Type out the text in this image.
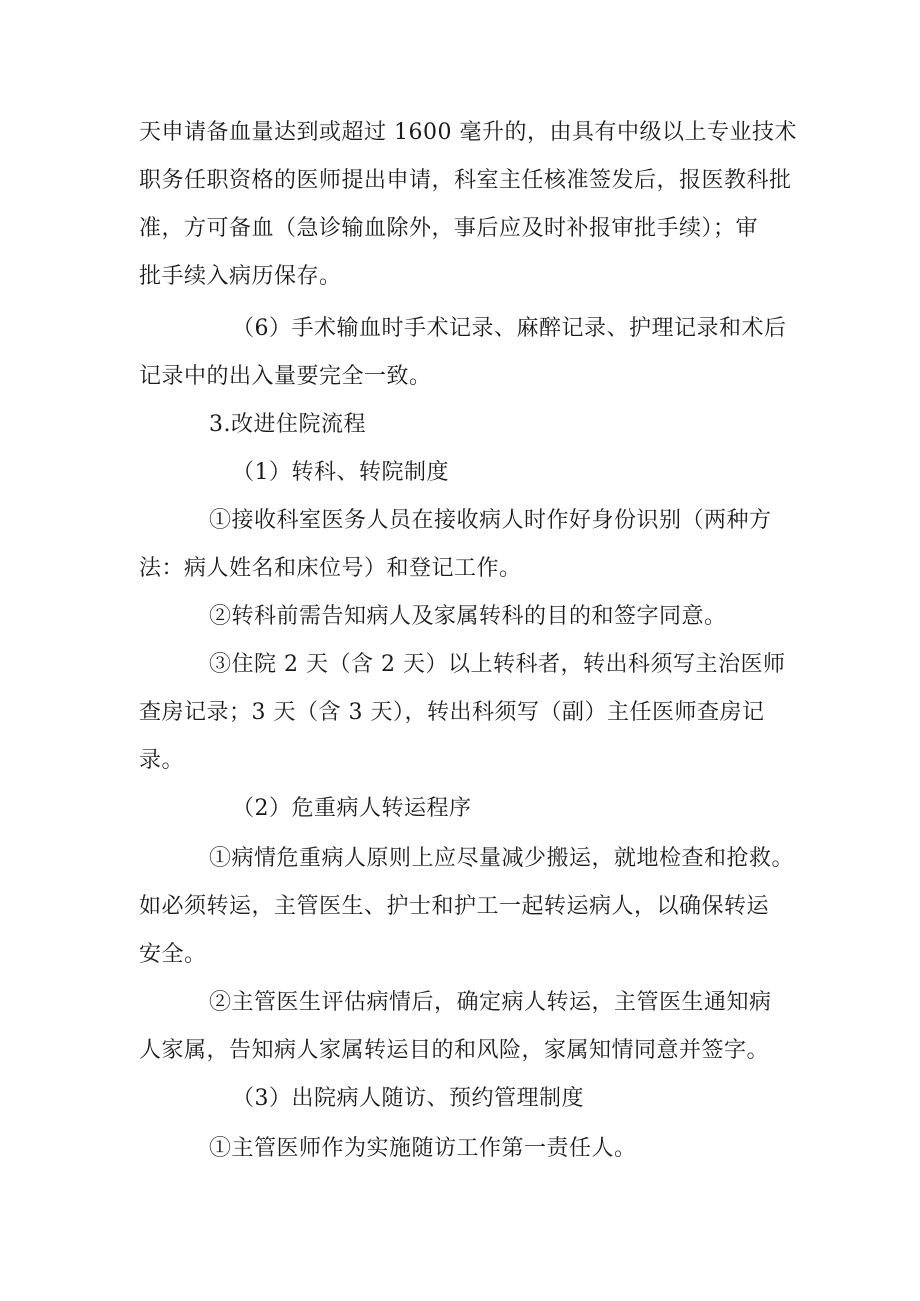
天申请备血量达到或超过 1600 毫升的，由具有中级以上专业技术
职务任职资格的医师提出申请，科室主任核准签发后，报医教科批
准，方可备血（急诊输血除外，事后应及时补报审批手续）；审
批手续入病历保存。
（6）手术输血时手术记录、麻醉记录、护理记录和术后
记录中的出入量要完全一致。
3.改进住院流程
（1）转科、转院制度
①接收科室医务人员在接收病人时作好身份识别（两种方
法：病人姓名和床位号）和登记工作。
②转科前需告知病人及家属转科的目的和签字同意。
③住院 2 天（含 2 天）以上转科者，转出科须写主治医师
查房记录；3 天（含 3 天），转出科须写（副）主任医师查房记
录。
（2）危重病人转运程序
①病情危重病人原则上应尽量减少搬运，就地检查和抢救。
如必须转运，主管医生、护士和护工一起转运病人，以确保转运
安全。
②主管医生评估病情后，确定病人转运，主管医生通知病
人家属，告知病人家属转运目的和风险，家属知情同意并签字。
（3）出院病人随访、预约管理制度
①主管医师作为实施随访工作第一责任人。
